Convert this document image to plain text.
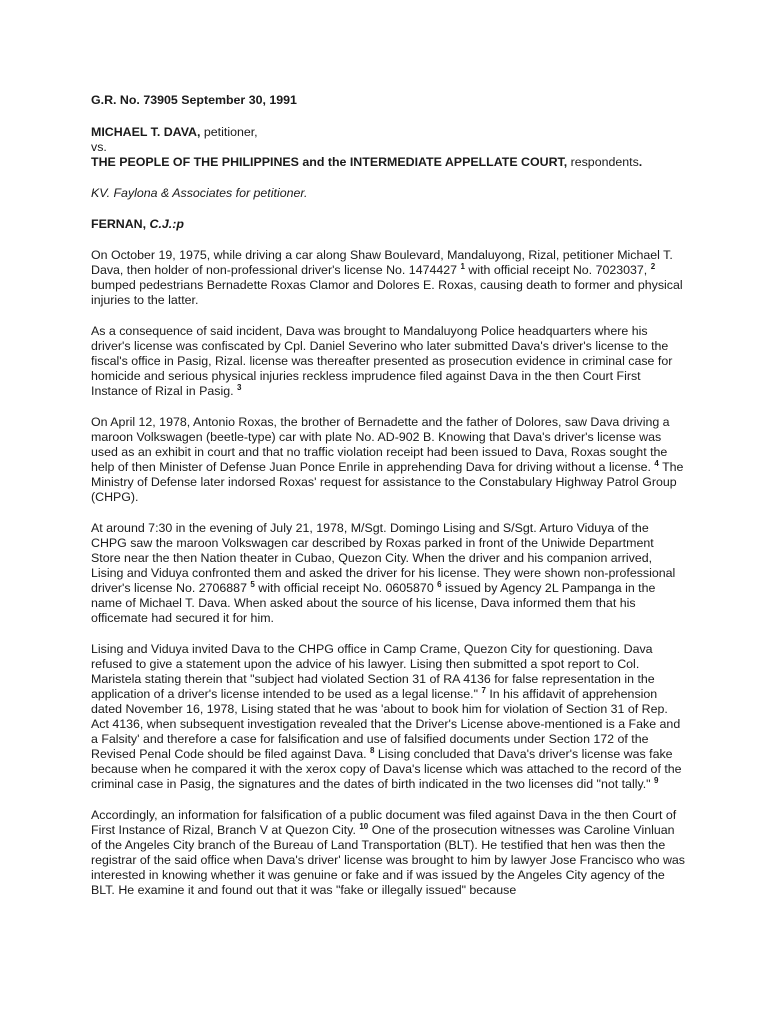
G.R. No. 73905 September 30, 1991

MICHAEL T. DAVA, petitioner,

vs.

THE PEOPLE OF THE PHILIPPINES and the INTERMEDIATE APPELLATE COURT, respondents.

KV. Faylona & Associates for petitioner.

FERNAN, C.J.:p

On October 19, 1975, while driving a car along Shaw Boulevard, Mandaluyong, Rizal, petitioner Michael T. Dava, then holder of non-professional driver's license No. 1474427 $^1$ with official receipt No. 7023037, $^2$ bumped pedestrians Bernadette Roxas Clamor and Dolores E. Roxas, causing death to former and physical injuries to the latter.

As a consequence of said incident, Dava was brought to Mandaluyong Police headquarters where his driver's license was confiscated by Cpl. Daniel Severino who later submitted Dava's driver's license to the fiscal's office in Pasig, Rizal. license was thereafter presented as prosecution evidence in criminal case for homicide and serious physical injuries reckless imprudence filed against Dava in the then Court First Instance of Rizal in Pasig. $^3$

On April 12, 1978, Antonio Roxas, the brother of Bernadette and the father of Dolores, saw Dava driving a maroon Volkswagen (beetle-type) car with plate No. AD-902 B. Knowing that Dava's driver's license was used as an exhibit in court and that no traffic violation receipt had been issued to Dava, Roxas sought the help of then Minister of Defense Juan Ponce Enrile in apprehending Dava for driving without a license. $^4$ The Ministry of Defense later indorsed Roxas' request for assistance to the Constabulary Highway Patrol Group (CHPG).

At around 7:30 in the evening of July 21, 1978, M/Sgt. Domingo Lising and S/Sgt. Arturo Viduya of the CHPG saw the maroon Volkswagen car described by Roxas parked in front of the Uniwide Department Store near the then Nation theater in Cubao, Quezon City. When the driver and his companion arrived, Lising and Viduya confronted them and asked the driver for his license. They were shown non-professional driver's license No. 2706887 $^5$ with official receipt No. 0605870 $^6$ issued by Agency 2L Pampanga in the name of Michael T. Dava. When asked about the source of his license, Dava informed them that his officemate had secured it for him.

Lising and Viduya invited Dava to the CHPG office in Camp Crame, Quezon City for questioning. Dava refused to give a statement upon the advice of his lawyer. Lising then submitted a spot report to Col. Maristela stating therein that "subject had violated Section 31 of RA 4136 for false representation in the application of a driver's license intended to be used as a legal license." $^7$ In his affidavit of apprehension dated November 16, 1978, Lising stated that he was 'about to book him for violation of Section 31 of Rep. Act 4136, when subsequent investigation revealed that the Driver's License above-mentioned is a Fake and a Falsity' and therefore a case for falsification and use of falsified documents under Section 172 of the Revised Penal Code should be filed against Dava. $^8$ Lising concluded that Dava's driver's license was fake because when he compared it with the xerox copy of Dava's license which was attached to the record of the criminal case in Pasig, the signatures and the dates of birth indicated in the two licenses did "not tally." $^9$

Accordingly, an information for falsification of a public document was filed against Dava in the then Court of First Instance of Rizal, Branch V at Quezon City. $^{10}$ One of the prosecution witnesses was Caroline Vinluan of the Angeles City branch of the Bureau of Land Transportation (BLT). He testified that hen was then the registrar of the said office when Dava's driver' license was brought to him by lawyer Jose Francisco who was interested in knowing whether it was genuine or fake and if was issued by the Angeles City agency of the BLT. He examine it and found out that it was "fake or illegally issued" because
